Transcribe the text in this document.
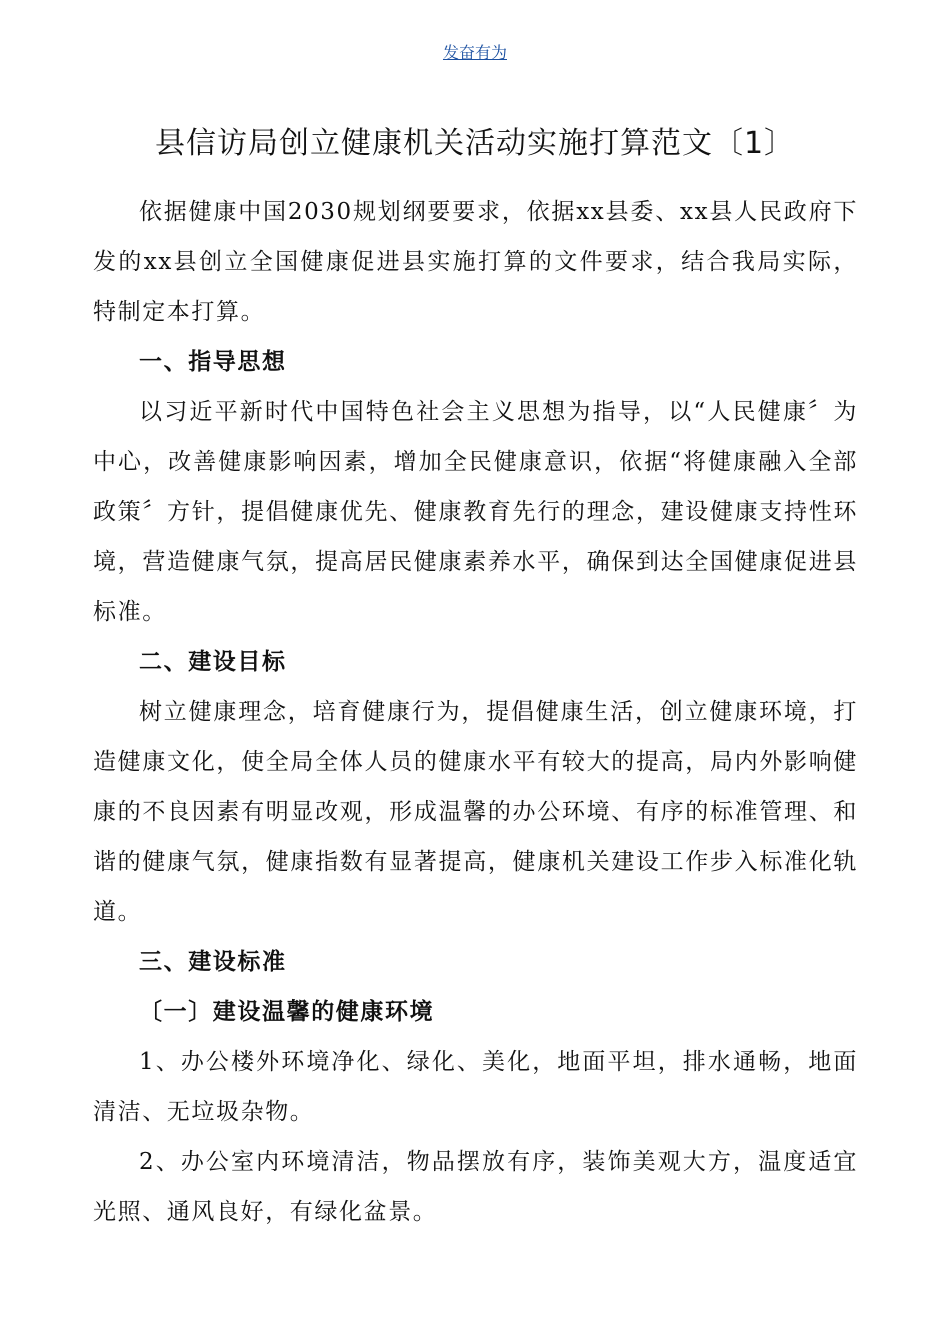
发奋有为
县信访局创立健康机关活动实施打算范文〔1〕

依据健康中国2030规划纲要要求，依据xx县委、xx县人民政府下发的xx县创立全国健康促进县实施打算的文件要求，结合我局实际，特制定本打算。

一、指导思想

以习近平新时代中国特色社会主义思想为指导，以“人民健康〞为中心，改善健康影响因素，增加全民健康意识，依据“将健康融入全部政策〞方针，提倡健康优先、健康教育先行的理念，建设健康支持性环境，营造健康气氛，提高居民健康素养水平，确保到达全国健康促进县标准。

二、建设目标

树立健康理念，培育健康行为，提倡健康生活，创立健康环境，打造健康文化，使全局全体人员的健康水平有较大的提高，局内外影响健康的不良因素有明显改观，形成温馨的办公环境、有序的标准管理、和谐的健康气氛，健康指数有显著提高，健康机关建设工作步入标准化轨道。

三、建设标准
〔一〕建设温馨的健康环境

1、办公楼外环境净化、绿化、美化，地面平坦，排水通畅，地面清洁、无垃圾杂物。

2、办公室内环境清洁，物品摆放有序，装饰美观大方，温度适宜光照、通风良好，有绿化盆景。
